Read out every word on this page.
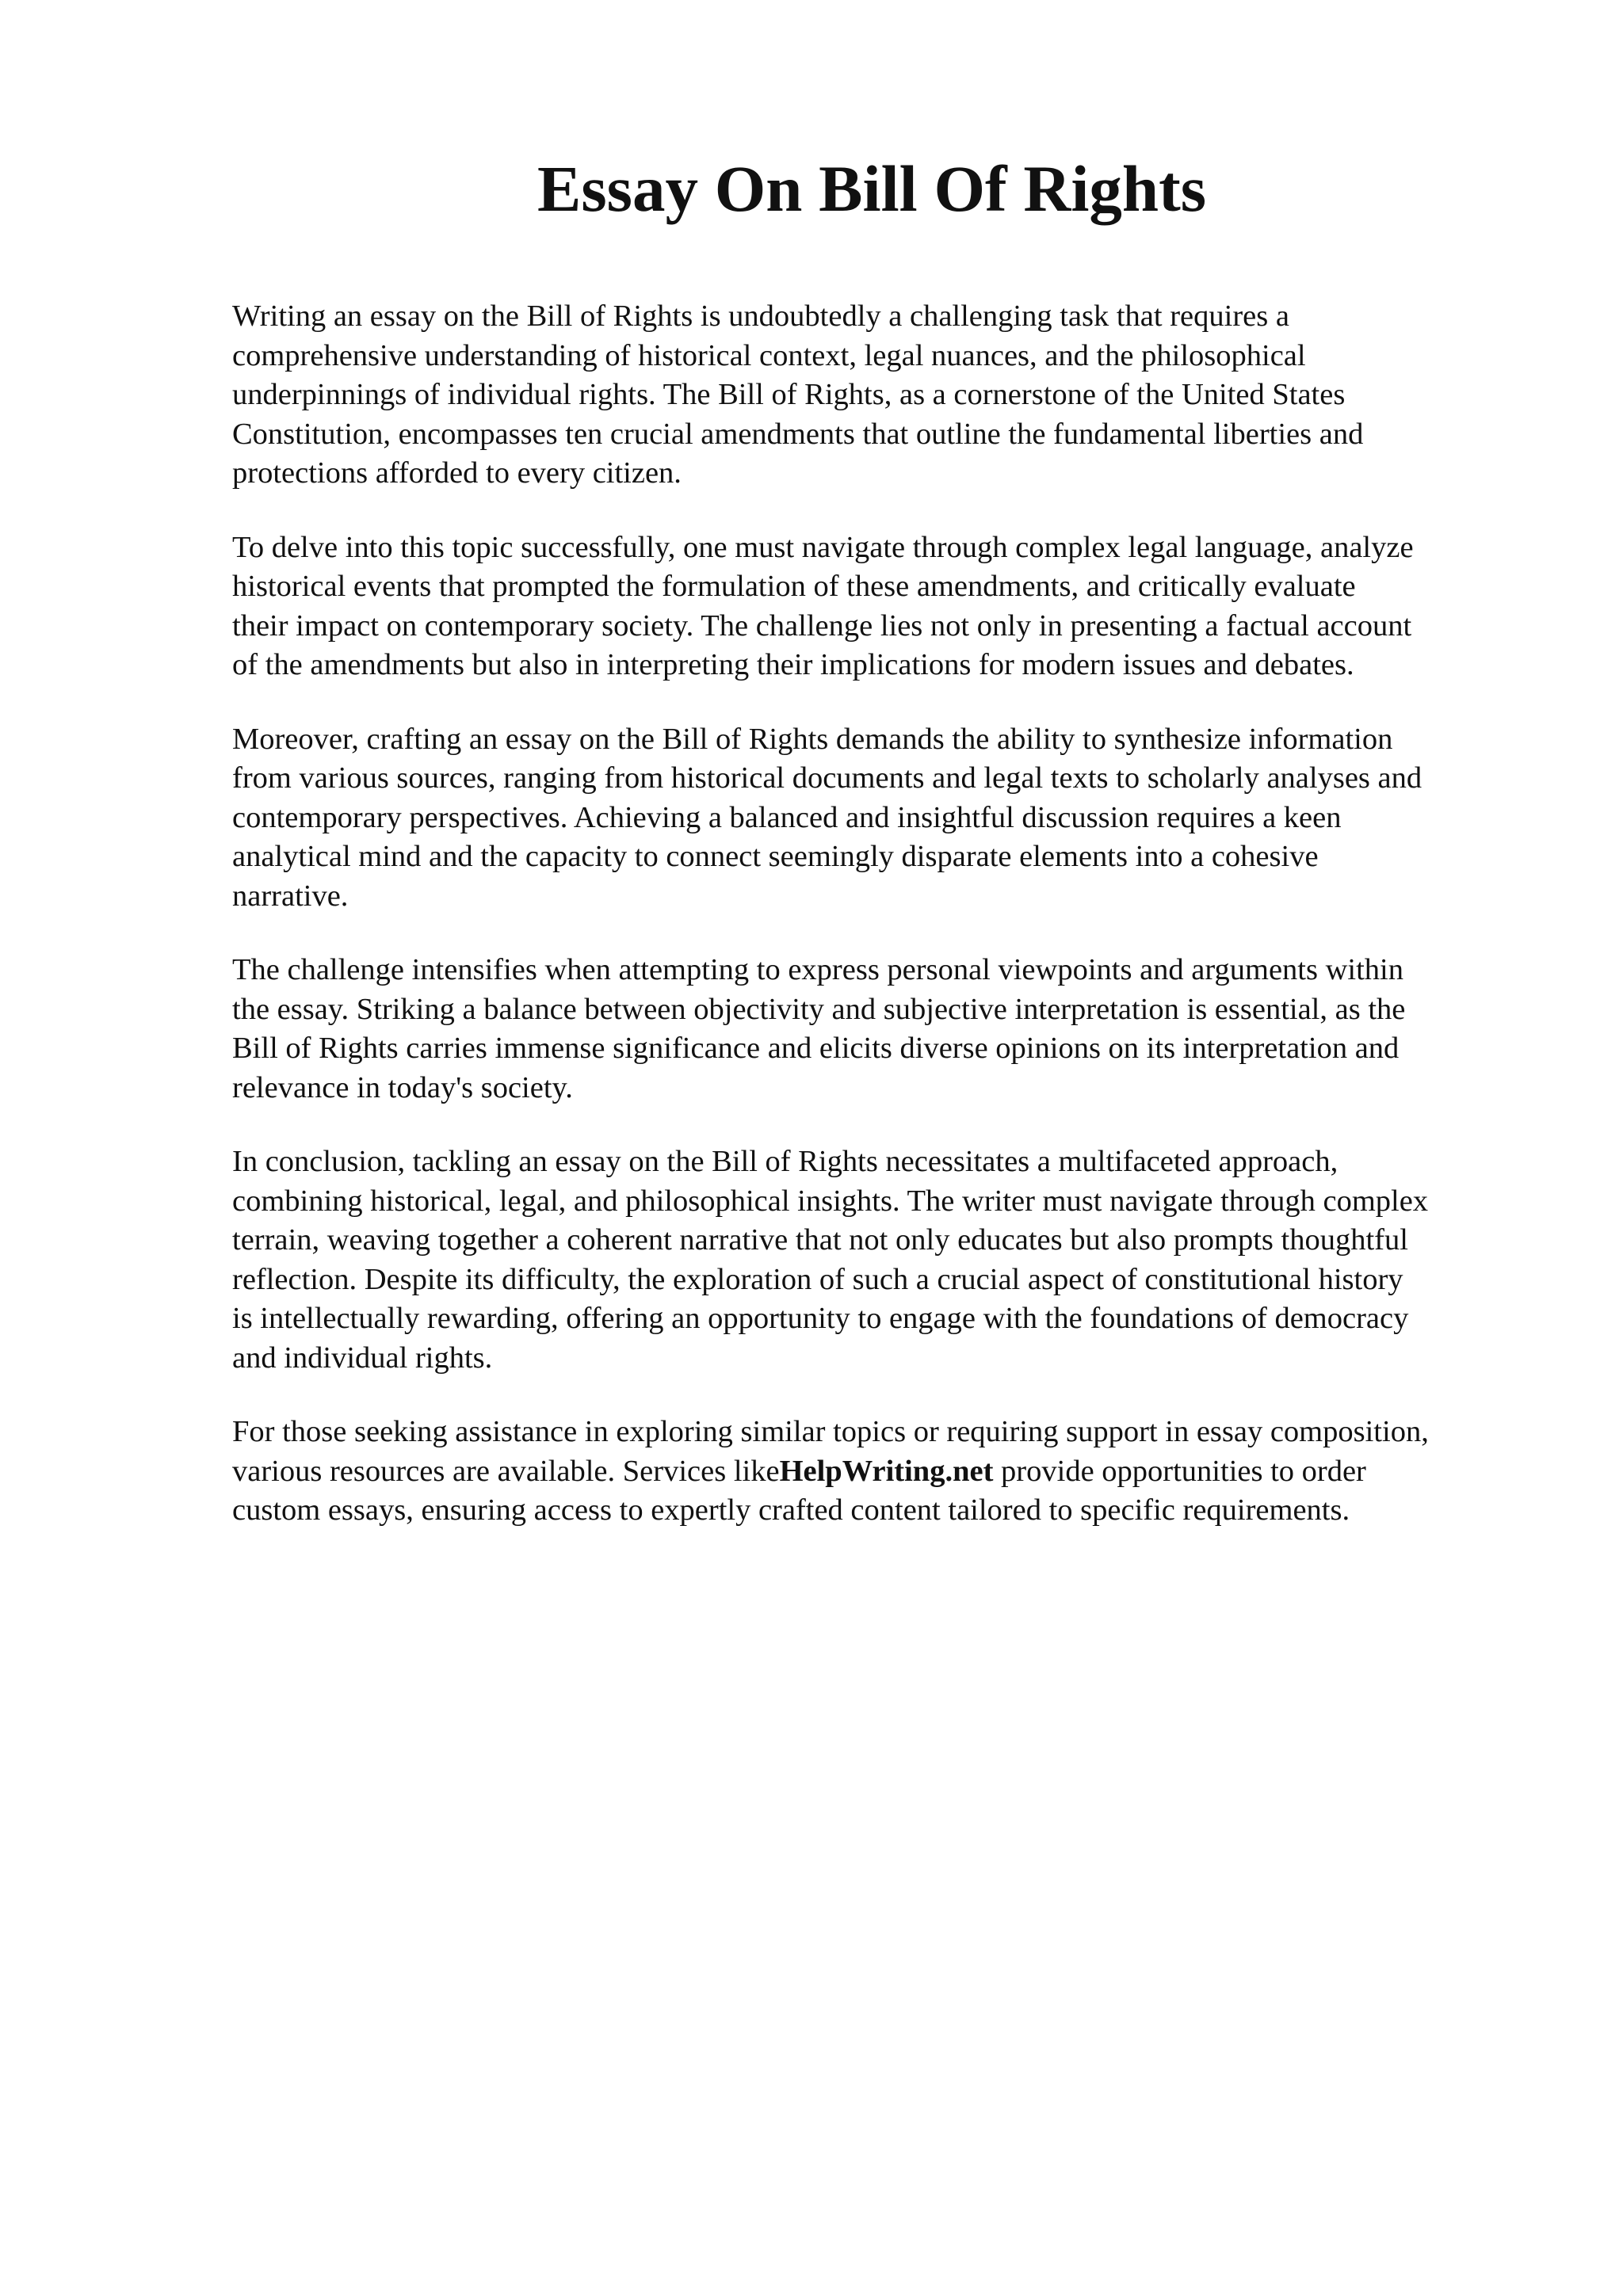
Essay On Bill Of Rights

Writing an essay on the Bill of Rights is undoubtedly a challenging task that requires a
comprehensive understanding of historical context, legal nuances, and the philosophical
underpinnings of individual rights. The Bill of Rights, as a cornerstone of the United States
Constitution, encompasses ten crucial amendments that outline the fundamental liberties and
protections afforded to every citizen.

To delve into this topic successfully, one must navigate through complex legal language, analyze
historical events that prompted the formulation of these amendments, and critically evaluate
their impact on contemporary society. The challenge lies not only in presenting a factual account
of the amendments but also in interpreting their implications for modern issues and debates.

Moreover, crafting an essay on the Bill of Rights demands the ability to synthesize information
from various sources, ranging from historical documents and legal texts to scholarly analyses and
contemporary perspectives. Achieving a balanced and insightful discussion requires a keen
analytical mind and the capacity to connect seemingly disparate elements into a cohesive
narrative.

The challenge intensifies when attempting to express personal viewpoints and arguments within
the essay. Striking a balance between objectivity and subjective interpretation is essential, as the
Bill of Rights carries immense significance and elicits diverse opinions on its interpretation and
relevance in today's society.

In conclusion, tackling an essay on the Bill of Rights necessitates a multifaceted approach,
combining historical, legal, and philosophical insights. The writer must navigate through complex
terrain, weaving together a coherent narrative that not only educates but also prompts thoughtful
reflection. Despite its difficulty, the exploration of such a crucial aspect of constitutional history
is intellectually rewarding, offering an opportunity to engage with the foundations of democracy
and individual rights.

For those seeking assistance in exploring similar topics or requiring support in essay composition,
various resources are available. Services likeHelpWriting.net provide opportunities to order
custom essays, ensuring access to expertly crafted content tailored to specific requirements.
